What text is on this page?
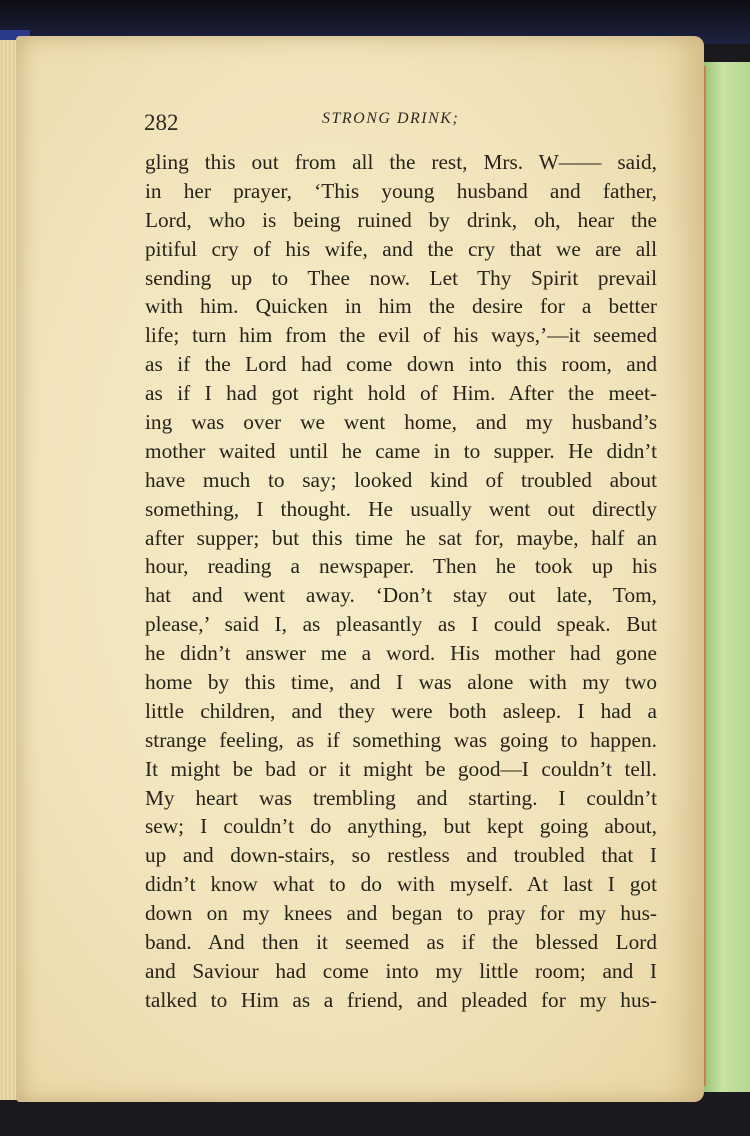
282	STRONG DRINK;
gling this out from all the rest, Mrs. W—— said,
in her prayer, ‘This young husband and father,
Lord, who is being ruined by drink, oh, hear the
pitiful cry of his wife, and the cry that we are all
sending up to Thee now. Let Thy Spirit prevail
with him. Quicken in him the desire for a better
life; turn him from the evil of his ways,’—it seemed
as if the Lord had come down into this room, and
as if I had got right hold of Him. After the meet-
ing was over we went home, and my husband’s
mother waited until he came in to supper. He didn’t
have much to say; looked kind of troubled about
something, I thought. He usually went out directly
after supper; but this time he sat for, maybe, half an
hour, reading a newspaper. Then he took up his
hat and went away. ‘Don’t stay out late, Tom,
please,’ said I, as pleasantly as I could speak. But
he didn’t answer me a word. His mother had gone
home by this time, and I was alone with my two
little children, and they were both asleep. I had a
strange feeling, as if something was going to happen.
It might be bad or it might be good—I couldn’t tell.
My heart was trembling and starting. I couldn’t
sew; I couldn’t do anything, but kept going about,
up and down-stairs, so restless and troubled that I
didn’t know what to do with myself. At last I got
down on my knees and began to pray for my hus-
band. And then it seemed as if the blessed Lord
and Saviour had come into my little room; and I
talked to Him as a friend, and pleaded for my hus-
